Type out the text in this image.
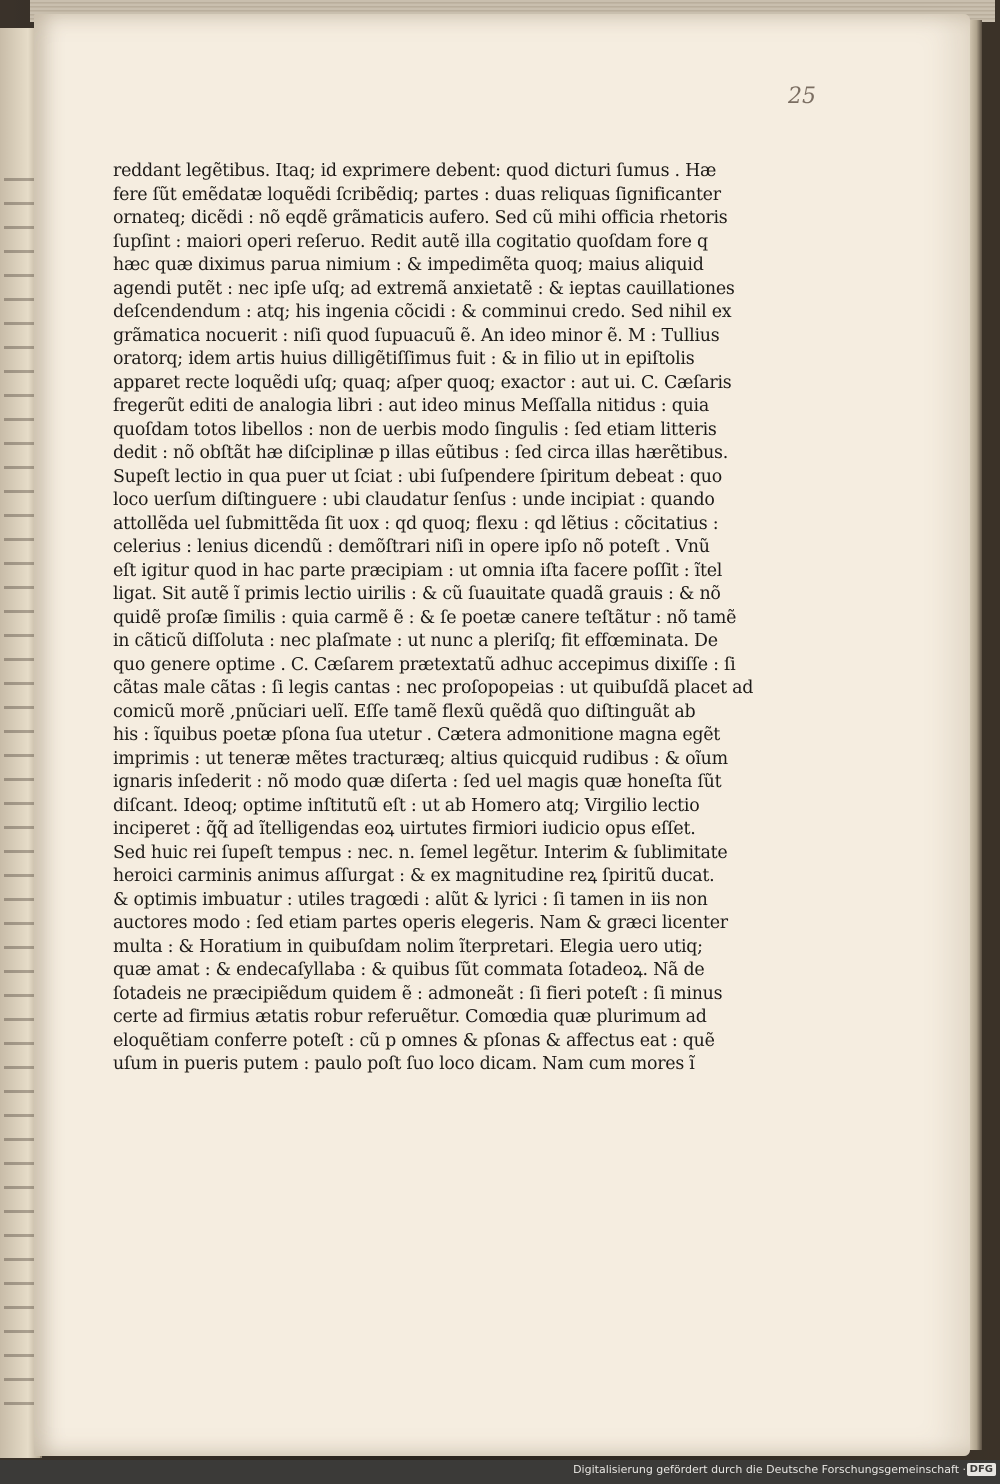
25
reddant legẽtibus. Itaq; id exprimere debent: quod dicturi ſumus . Hæ
fere ſũt emẽdatæ loquẽdi ſcribẽdiq; partes : duas reliquas ſignificanter
ornateq; dicẽdi : nõ eqdẽ grãmaticis aufero. Sed cũ mihi officia rhetoris
ſupſint : maiori operi reſeruo. Redit autẽ illa cogitatio quoſdam fore q
hæc quæ diximus parua nimium : & impedimẽta quoq; maius aliquid
agendi putẽt : nec ipſe uſq; ad extremã anxietatẽ : & ieptas cauillationes
deſcendendum : atq; his ingenia cõcidi : & comminui credo. Sed nihil ex
grãmatica nocuerit : niſi quod ſupuacuũ ẽ. An ideo minor ẽ. M : Tullius
oratorq; idem artis huius dilligẽtiſſimus fuit : & in filio ut in epiſtolis
apparet recte loquẽdi uſq; quaq; aſper quoq; exactor : aut ui. C. Cæſaris
fregerũt editi de analogia libri : aut ideo minus Meſſalla nitidus : quia
quoſdam totos libellos : non de uerbis modo ſingulis : ſed etiam litteris
dedit : nõ obſtãt hæ diſciplinæ p illas eũtibus : ſed circa illas hærẽtibus.
Supeſt lectio in qua puer ut ſciat : ubi ſuſpendere ſpiritum debeat : quo
loco uerſum diſtinguere : ubi claudatur ſenſus : unde incipiat : quando
attollẽda uel ſubmittẽda ſit uox : qd quoq; flexu : qd lẽtius : cõcitatius :
celerius : lenius dicendũ : demõſtrari niſi in opere ipſo nõ poteſt . Vnũ
eſt igitur quod in hac parte præcipiam : ut omnia iſta facere poſſit : ĩtel
ligat. Sit autẽ ĩ primis lectio uirilis : & cũ ſuauitate quadã grauis : & nõ
quidẽ proſæ ſimilis : quia carmẽ ẽ : & ſe poetæ canere teſtãtur : nõ tamẽ
in cãticũ diſſoluta : nec plaſmate : ut nunc a pleriſq; fit effœminata. De
quo genere optime . C. Cæſarem prætextatũ adhuc accepimus dixiſſe : ſi
cãtas male cãtas : ſi legis cantas : nec proſopopeias : ut quibuſdã placet ad
comicũ morẽ ,pnũciari uelĩ. Eſſe tamẽ flexũ quẽdã quo diſtinguãt ab
his : ĩquibus poetæ pſona ſua utetur . Cætera admonitione magna egẽt
imprimis : ut teneræ mẽtes tracturæq; altius quicquid rudibus : & oĩum
ignaris inſederit : nõ modo quæ diſerta : ſed uel magis quæ honeſta ſũt
diſcant. Ideoq; optime inſtitutũ eſt : ut ab Homero atq; Virgilio lectio
inciperet : q̃q̃ ad ĩtelligendas eoꝝ uirtutes firmiori iudicio opus eſſet.
Sed huic rei ſupeſt tempus : nec. n. ſemel legẽtur. Interim & ſublimitate
heroici carminis animus aſſurgat : & ex magnitudine reꝝ ſpiritũ ducat.
& optimis imbuatur : utiles tragœdi : alũt & lyrici : ſi tamen in iis non
auctores modo : ſed etiam partes operis elegeris. Nam & græci licenter
multa : & Horatium in quibuſdam nolim ĩterpretari. Elegia uero utiq;
quæ amat : & endecaſyllaba : & quibus ſũt commata ſotadeoꝝ. Nã de
ſotadeis ne præcipiẽdum quidem ẽ : admoneãt : ſi fieri poteſt : ſi minus
certe ad firmius ætatis robur referuẽtur. Comœdia quæ plurimum ad
eloquẽtiam conferre poteſt : cũ p omnes & pſonas & affectus eat : quẽ
uſum in pueris putem : paulo poſt ſuo loco dicam. Nam cum mores ĩ
Digitalisierung gefördert durch die Deutsche Forschungsgemeinschaft · DFG
